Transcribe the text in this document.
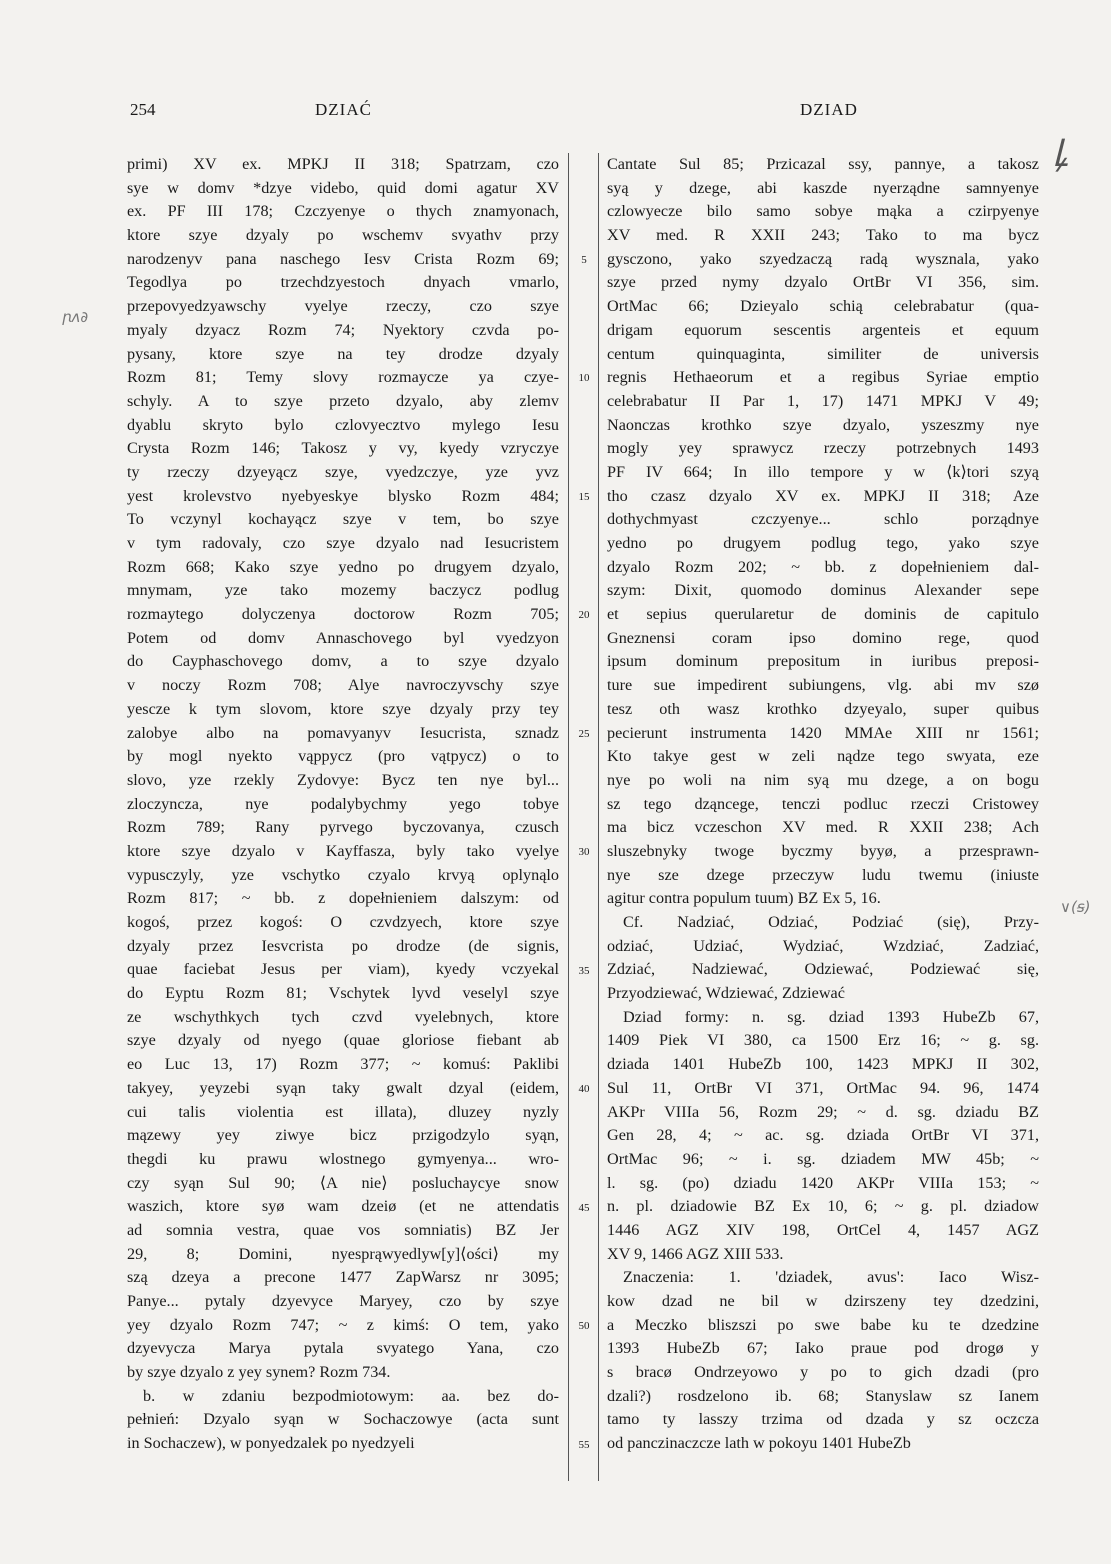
254	DZIAĆ	DZIAD
primi) XV ex. MPKJ II 318; Spatrzam, czo
sye w domv *dzye videbo, quid domi agatur XV
ex. PF III 178; Czczyenye o thych znamyonach,
ktore szye dzyaly po wschemv svyathv przy
narodzenyv pana naschego Iesv Crista Rozm 69;
Tegodlya po trzechdzyestoch dnyach vmarlo,
przepovyedzyawschy vyelye rzeczy, czo szye
myaly dzyacz Rozm 74; Nyektory czvda po-
pysany, ktore szye na tey drodze dzyaly
Rozm 81; Temy slovy rozmaycze ya czye-
schyly. A to szye przeto dzyalo, aby zlemv
dyablu skryto bylo czlovyecztvo mylego Iesu
Crysta Rozm 146; Takosz y vy, kyedy vzryczye
ty rzeczy dzyeyącz szye, vyedzczye, yze yvz
yest krolevstvo nyebyeskye blysko Rozm 484;
To vczynyl kochayącz szye v tem, bo szye
v tym radovaly, czo szye dzyalo nad Iesucristem
Rozm 668; Kako szye yedno po drugyem dzyalo,
mnymam, yze tako mozemy baczycz podlug
rozmaytego dolyczenya doctorow Rozm 705;
Potem od domv Annaschovego byl vyedzyon
do Cayphaschovego domv, a to szye dzyalo
v noczy Rozm 708; Alye navroczyvschy szye
yescze k tym slovom, ktore szye dzyaly przy tey
zalobye albo na pomavyanyv Iesucrista, sznadz
by mogl nyekto vąppycz (pro vątpycz) o to
slovo, yze rzekly Zydovye: Bycz ten nye byl...
zloczyncza, nye podalybychmy yego tobye
Rozm 789; Rany pyrvego byczovanya, czusch
ktore szye dzyalo v Kayffasza, byly tako vyelye
vypusczyly, yze vschytko czyalo krvyą oplynąlo
Rozm 817; ~ bb. z dopełnieniem dalszym: od
kogoś, przez kogoś: O czvdzyech, ktore szye
dzyaly przez Iesvcrista po drodze (de signis,
quae faciebat Jesus per viam), kyedy vczyekal
do Eyptu Rozm 81; Vschytek lyvd veselyl szye
ze wschythkych tych czvd vyelebnych, ktore
szye dzyaly od nyego (quae gloriose fiebant ab
eo Luc 13, 17) Rozm 377; ~ komuś: Paklibi
takyey, yeyzebi syąn taky gwalt dzyal (eidem,
cui talis violentia est illata), dluzey nyzly
mązewy yey ziwye bicz przigodzylo syąn,
thegdi ku prawu wlostnego gymyenya... wro-
czy syąn Sul 90; ⟨A nie⟩ posluchaycye snow
waszich, ktore syø wam dzeiø (et ne attendatis
ad somnia vestra, quae vos somniatis) BZ Jer
29, 8; Domini, nyesprąwyedlyw[y]⟨ości⟩ my
szą dzeya a precone 1477 ZapWarsz nr 3095;
Panye... pytaly dzyevyce Maryey, czo by szye
yey dzyalo Rozm 747; ~ z kimś: O tem, yako
dzyevycza Marya pytala svyatego Yana, czo
by szye dzyalo z yey synem? Rozm 734.
b. w zdaniu bezpodmiotowym: aa. bez do-
pełnień: Dzyalo syąn w Sochaczowye (acta sunt
in Sochaczew), w ponyedzalek po nyedzyeli
5
10
15
20
25
30
35
40
45
50
55
Cantate Sul 85; Przicazal ssy, pannye, a takosz
syą y dzege, abi kaszde nyerządne samnyenye
czlowyecze bilo samo sobye mąka a czirpyenye
XV med. R XXII 243; Tako to ma bycz
gysczono, yako szyedzaczą radą wysznala, yako
szye przed nymy dzyalo OrtBr VI 356, sim.
OrtMac 66; Dzieyalo schią celebrabatur (qua-
drigam equorum sescentis argenteis et equum
centum quinquaginta, similiter de universis
regnis Hethaeorum et a regibus Syriae emptio
celebrabatur II Par 1, 17) 1471 MPKJ V 49;
Naonczas krothko szye dzyalo, yszeszmy nye
mogly yey sprawycz rzeczy potrzebnych 1493
PF IV 664; In illo tempore y w ⟨k⟩tori szyą
tho czasz dzyalo XV ex. MPKJ II 318; Aze
dothychmyast czczyenye... schlo porządnye
yedno po drugyem podlug tego, yako szye
dzyalo Rozm 202; ~ bb. z dopełnieniem dal-
szym: Dixit, quomodo dominus Alexander sepe
et sepius querularetur de dominis de capitulo
Gneznensi coram ipso domino rege, quod
ipsum dominum prepositum in iuribus preposi-
ture sue impedirent subiungens, vlg. abi mv szø
tesz oth wasz krothko dzyeyalo, super quibus
pecierunt instrumenta 1420 MMAe XIII nr 1561;
Kto takye gest w zeli nądze tego swyata, eze
nye po woli na nim syą mu dzege, a on bogu
sz tego dząncege, tenczi podluc rzeczi Cristowey
ma bicz vczeschon XV med. R XXII 238; Ach
sluszebnyky twoge byczmy byyø, a przesprawn-
nye sze dzege przeczyw ludu twemu (iniuste
agitur contra populum tuum) BZ Ex 5, 16.
Cf. Nadziać, Odziać, Podziać (się), Przy-
odziać, Udziać, Wydziać, Wzdziać, Zadziać,
Zdziać, Nadziewać, Odziewać, Podziewać się,
Przyodziewać, Wdziewać, Zdziewać
Dziad formy: n. sg. dziad 1393 HubeZb 67,
1409 Piek VI 380, ca 1500 Erz 16; ~ g. sg.
dziada 1401 HubeZb 100, 1423 MPKJ II 302,
Sul 11, OrtBr VI 371, OrtMac 94. 96, 1474
AKPr VIIIa 56, Rozm 29; ~ d. sg. dziadu BZ
Gen 28, 4; ~ ac. sg. dziada OrtBr VI 371,
OrtMac 96; ~ i. sg. dziadem MW 45b; ~
l. sg. (po) dziadu 1420 AKPr VIIIa 153; ~
n. pl. dziadowie BZ Ex 10, 6; ~ g. pl. dziadow
1446 AGZ XIV 198, OrtCel 4, 1457 AGZ
XV 9, 1466 AGZ XIII 533.
Znaczenia: 1. 'dziadek, avus': Iaco Wisz-
kow dzad ne bil w dzirszeny tey dzedzini,
a Meczko bliszszi po swe babe ku te dzedzine
1393 HubeZb 67; Iako praue pod drogø y
s bracø Ondrzeyowo y po to gich dzadi (pro
dzali?) rosdzelono ib. 68; Stanyslaw sz Ianem
tamo ty lasszy trzima od dzada y sz oczcza
od panczinaczcze lath w pokoyu 1401 HubeZb
ꞃᴧ∂
ꝲ
∨(ꞩ)
